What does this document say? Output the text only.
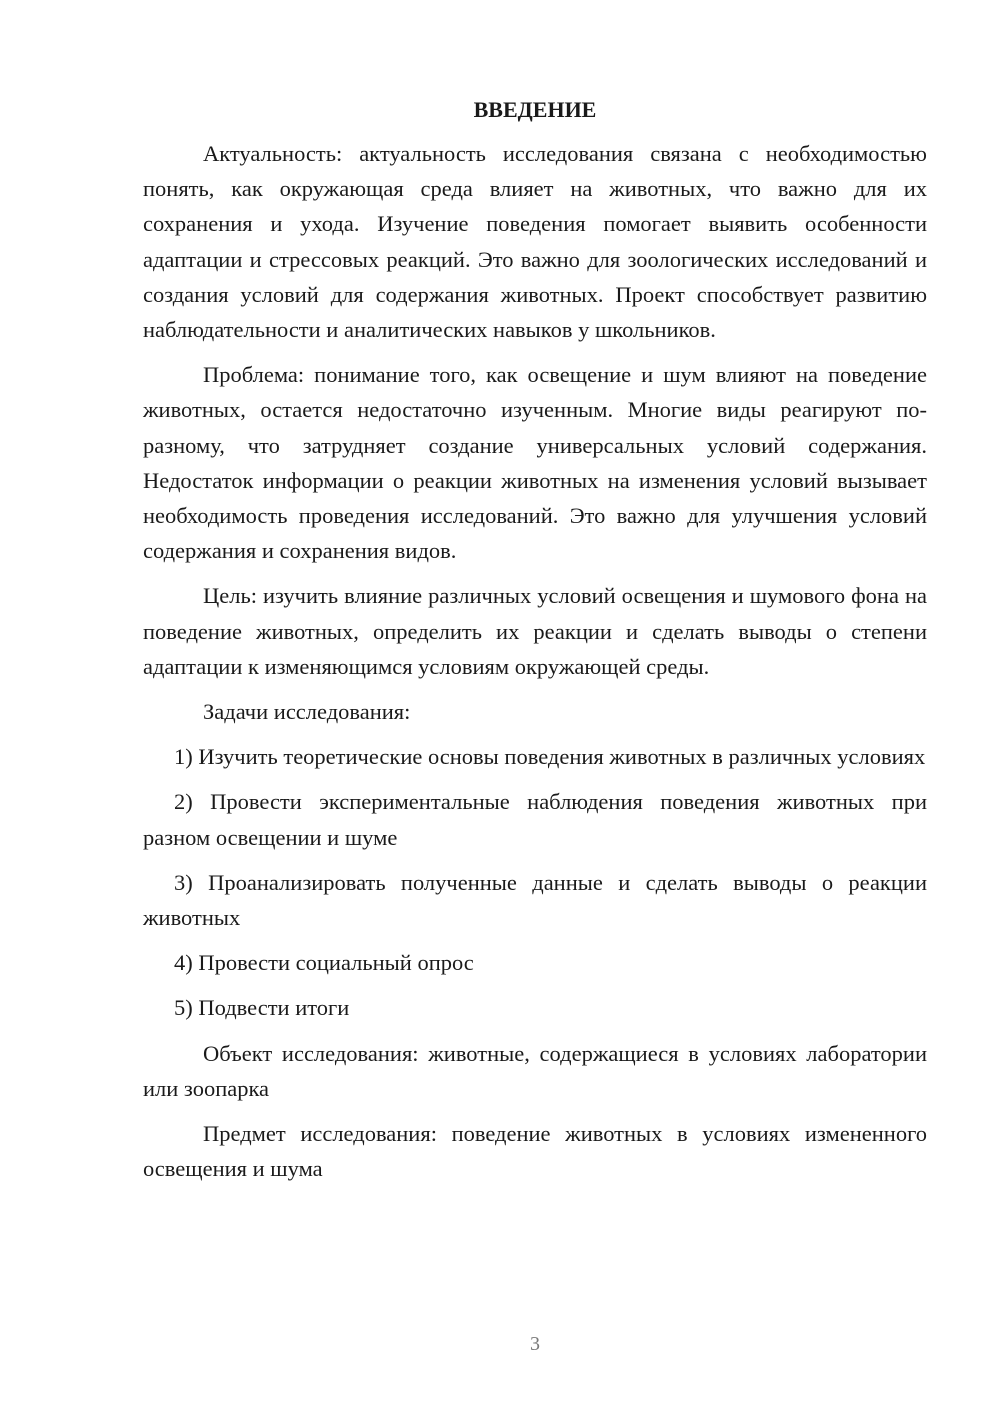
ВВЕДЕНИЕ

Актуальность: актуальность исследования связана с необходимостью понять, как окружающая среда влияет на животных, что важно для их сохранения и ухода. Изучение поведения помогает выявить особенности адаптации и стрессовых реакций. Это важно для зоологических исследований и создания условий для содержания животных. Проект способствует развитию наблюдательности и аналитических навыков у школьников.

Проблема: понимание того, как освещение и шум влияют на поведение животных, остается недостаточно изученным. Многие виды реагируют по-разному, что затрудняет создание универсальных условий содержания. Недостаток информации о реакции животных на изменения условий вызывает необходимость проведения исследований. Это важно для улучшения условий содержания и сохранения видов.

Цель: изучить влияние различных условий освещения и шумового фона на поведение животных, определить их реакции и сделать выводы о степени адаптации к изменяющимся условиям окружающей среды.

Задачи исследования:

1) Изучить теоретические основы поведения животных в различных условиях

2) Провести экспериментальные наблюдения поведения животных при разном освещении и шуме

3) Проанализировать полученные данные и сделать выводы о реакции животных

4) Провести социальный опрос

5) Подвести итоги

Объект исследования: животные, содержащиеся в условиях лаборатории или зоопарка

Предмет исследования: поведение животных в условиях измененного освещения и шума

3
